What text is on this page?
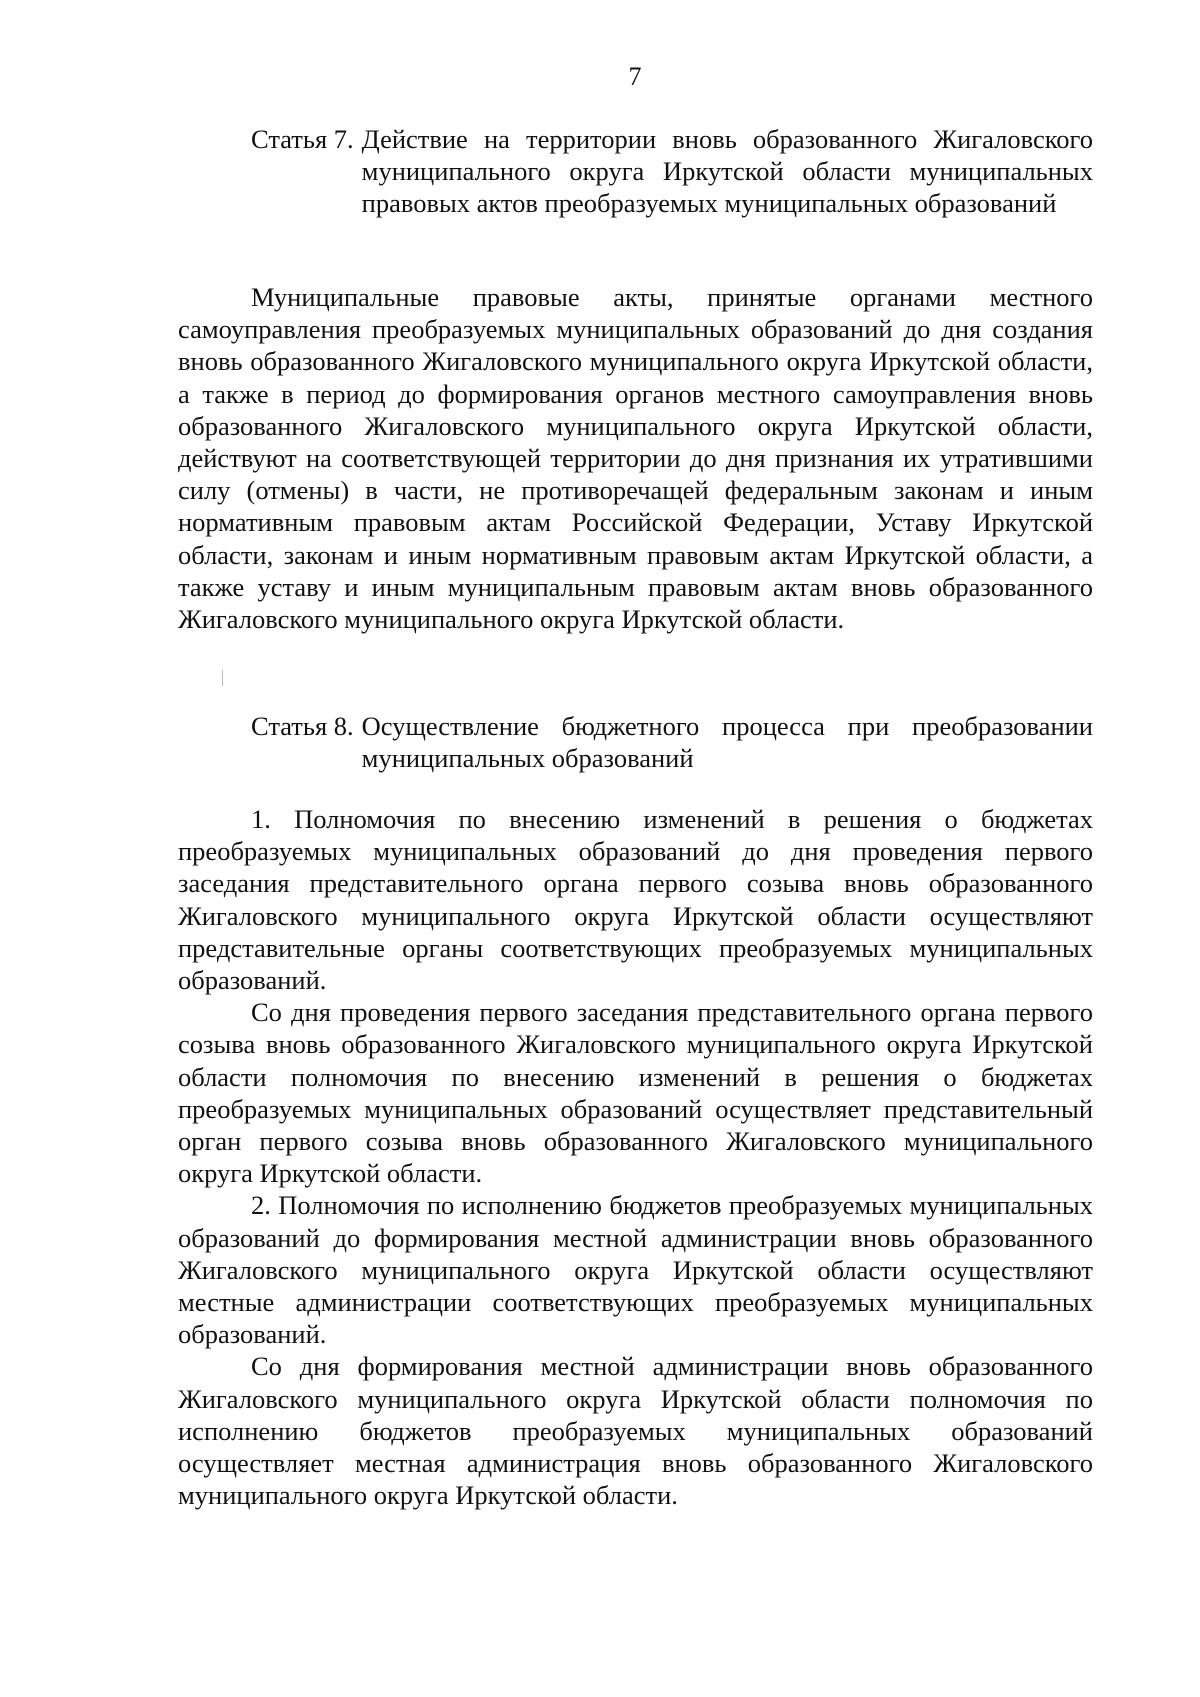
7
Статья 7. Действие на территории вновь образованного Жигаловского муниципального округа Иркутской области муниципальных правовых актов преобразуемых муниципальных образований

Муниципальные правовые акты, принятые органами местного самоуправления преобразуемых муниципальных образований до дня создания вновь образованного Жигаловского муниципального округа Иркутской области, а также в период до формирования органов местного самоуправления вновь образованного Жигаловского муниципального округа Иркутской области, действуют на соответствующей территории до дня признания их утратившими силу (отмены) в части, не противоречащей федеральным законам и иным нормативным правовым актам Российской Федерации, Уставу Иркутской области, законам и иным нормативным правовым актам Иркутской области, а также уставу и иным муниципальным правовым актам вновь образованного Жигаловского муниципального округа Иркутской области.

Статья 8. Осуществление бюджетного процесса при преобразовании муниципальных образований

1. Полномочия по внесению изменений в решения о бюджетах преобразуемых муниципальных образований до дня проведения первого заседания представительного органа первого созыва вновь образованного Жигаловского муниципального округа Иркутской области осуществляют представительные органы соответствующих преобразуемых муниципальных образований.

Со дня проведения первого заседания представительного органа первого созыва вновь образованного Жигаловского муниципального округа Иркутской области полномочия по внесению изменений в решения о бюджетах преобразуемых муниципальных образований осуществляет представительный орган первого созыва вновь образованного Жигаловского муниципального округа Иркутской области.

2. Полномочия по исполнению бюджетов преобразуемых муниципальных образований до формирования местной администрации вновь образованного Жигаловского муниципального округа Иркутской области осуществляют местные администрации соответствующих преобразуемых муниципальных образований.

Со дня формирования местной администрации вновь образованного Жигаловского муниципального округа Иркутской области полномочия по исполнению бюджетов преобразуемых муниципальных образований осуществляет местная администрация вновь образованного Жигаловского муниципального округа Иркутской области.
